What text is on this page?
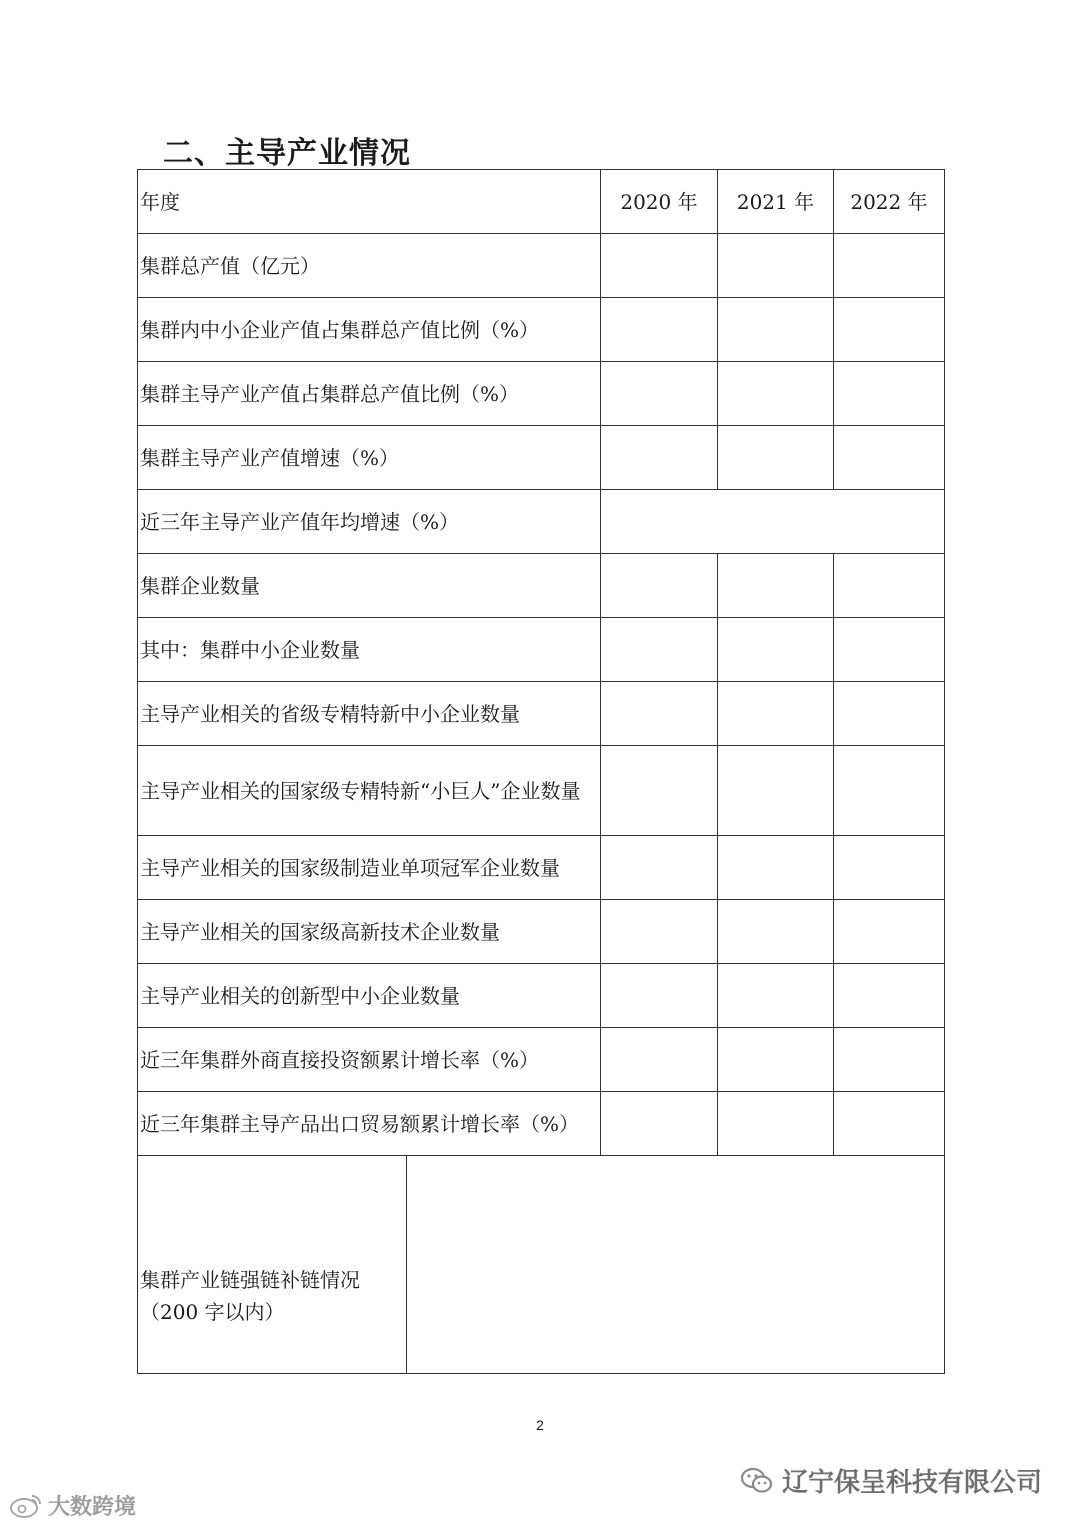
二、主导产业情况
年度		2020 年	2021 年	2022 年
集群总产值（亿元）				
集群内中小企业产值占集群总产值比例（%）				
集群主导产业产值占集群总产值比例（%）				
集群主导产业产值增速（%）				
近三年主导产业产值年均增速（%）				
集群企业数量				
其中：集群中小企业数量				
主导产业相关的省级专精特新中小企业数量				
主导产业相关的国家级专精特新“小巨人”企业数量				
主导产业相关的国家级制造业单项冠军企业数量				
主导产业相关的国家级高新技术企业数量				
主导产业相关的创新型中小企业数量				
近三年集群外商直接投资额累计增长率（%）				
近三年集群主导产品出口贸易额累计增长率（%）				

集群产业链强链补链情况
（200 字以内）				

2
辽宁保呈科技有限公司
大数跨境
